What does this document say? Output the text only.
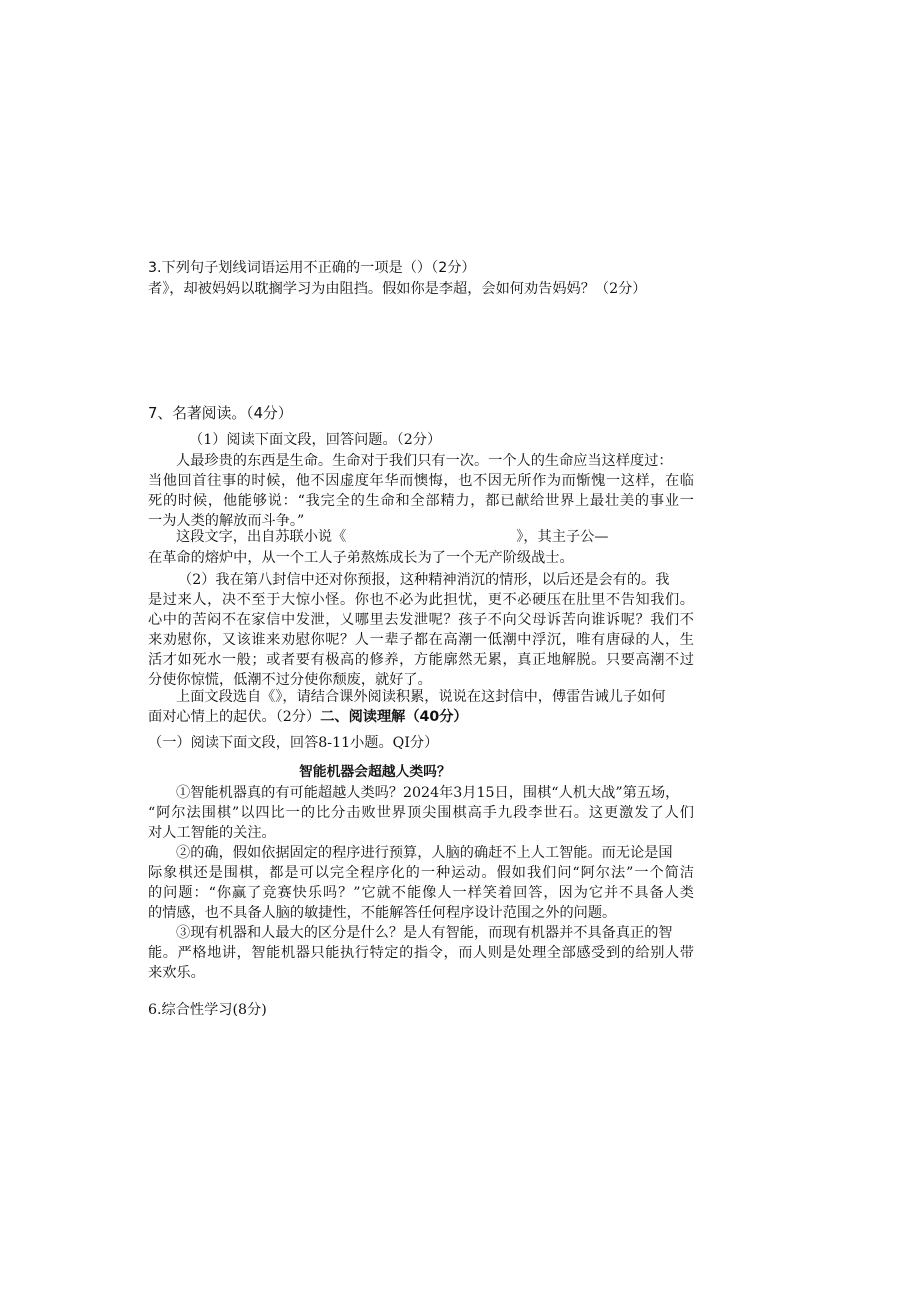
3.下列句子划线词语运用不正确的一项是（）（2分）
者》，却被妈妈以耽搁学习为由阻挡。假如你是李超，会如何劝告妈妈？（2分）
7、名著阅读。（4分）
（1）阅读下面文段，回答问题。（2分）
人最珍贵的东西是生命。生命对于我们只有一次。一个人的生命应当这样度过：
当他回首往事的时候，他不因虚度年华而懊悔，也不因无所作为而惭愧一这样，在临
死的时候，他能够说：“我完全的生命和全部精力，都已献给世界上最壮美的事业一
一为人类的解放而斗争。”
这段文字，出自苏联小说《	》，其主子公—
在革命的熔炉中，从一个工人子弟熬炼成长为了一个无产阶级战士。
（2）我在第八封信中还对你预报，这种精神消沉的情形，以后还是会有的。我
是过来人，决不至于大惊小怪。你也不必为此担忧，更不必硬压在肚里不告知我们。
心中的苦闷不在家信中发泄，乂哪里去发泄呢？孩子不向父母诉苦向谁诉呢？我们不
来劝慰你，又该谁来劝慰你呢？人一辈子都在高潮一低潮中浮沉，唯有唐碌的人，生
活才如死水一般；或者要有极高的修养，方能廓然无累，真正地解脱。只要高潮不过
分使你惊慌，低潮不过分使你颓废，就好了。
上面文段选自《》，请结合课外阅读积累，说说在这封信中，傅雷告诫儿子如何
面对心情上的起伏。（2分）二、阅读理解（40分）
（一）阅读下面文段，回答8-11小题。QI分）
智能机器会超越人类吗？
①智能机器真的有可能超越人类吗？2024年3月15日，围棋“人机大战”第五场，
“阿尔法围棋”以四比一的比分击败世界顶尖围棋高手九段李世石。这更激发了人们
对人工智能的关注。
②的确，假如依据固定的程序进行预算，人脑的确赶不上人工智能。而无论是国
际象棋还是围棋，都是可以完全程序化的一种运动。假如我们问“阿尔法”一个简洁
的问题：“你赢了竞赛快乐吗？”它就不能像人一样笑着回答，因为它并不具备人类
的情感，也不具备人脑的敏捷性，不能解答任何程序设计范围之外的问题。
③现有机器和人最大的区分是什么？是人有智能，而现有机器并不具备真正的智
能。严格地讲，智能机器只能执行特定的指令，而人则是处理全部感受到的给别人带
来欢乐。
6.综合性学习(8分)
